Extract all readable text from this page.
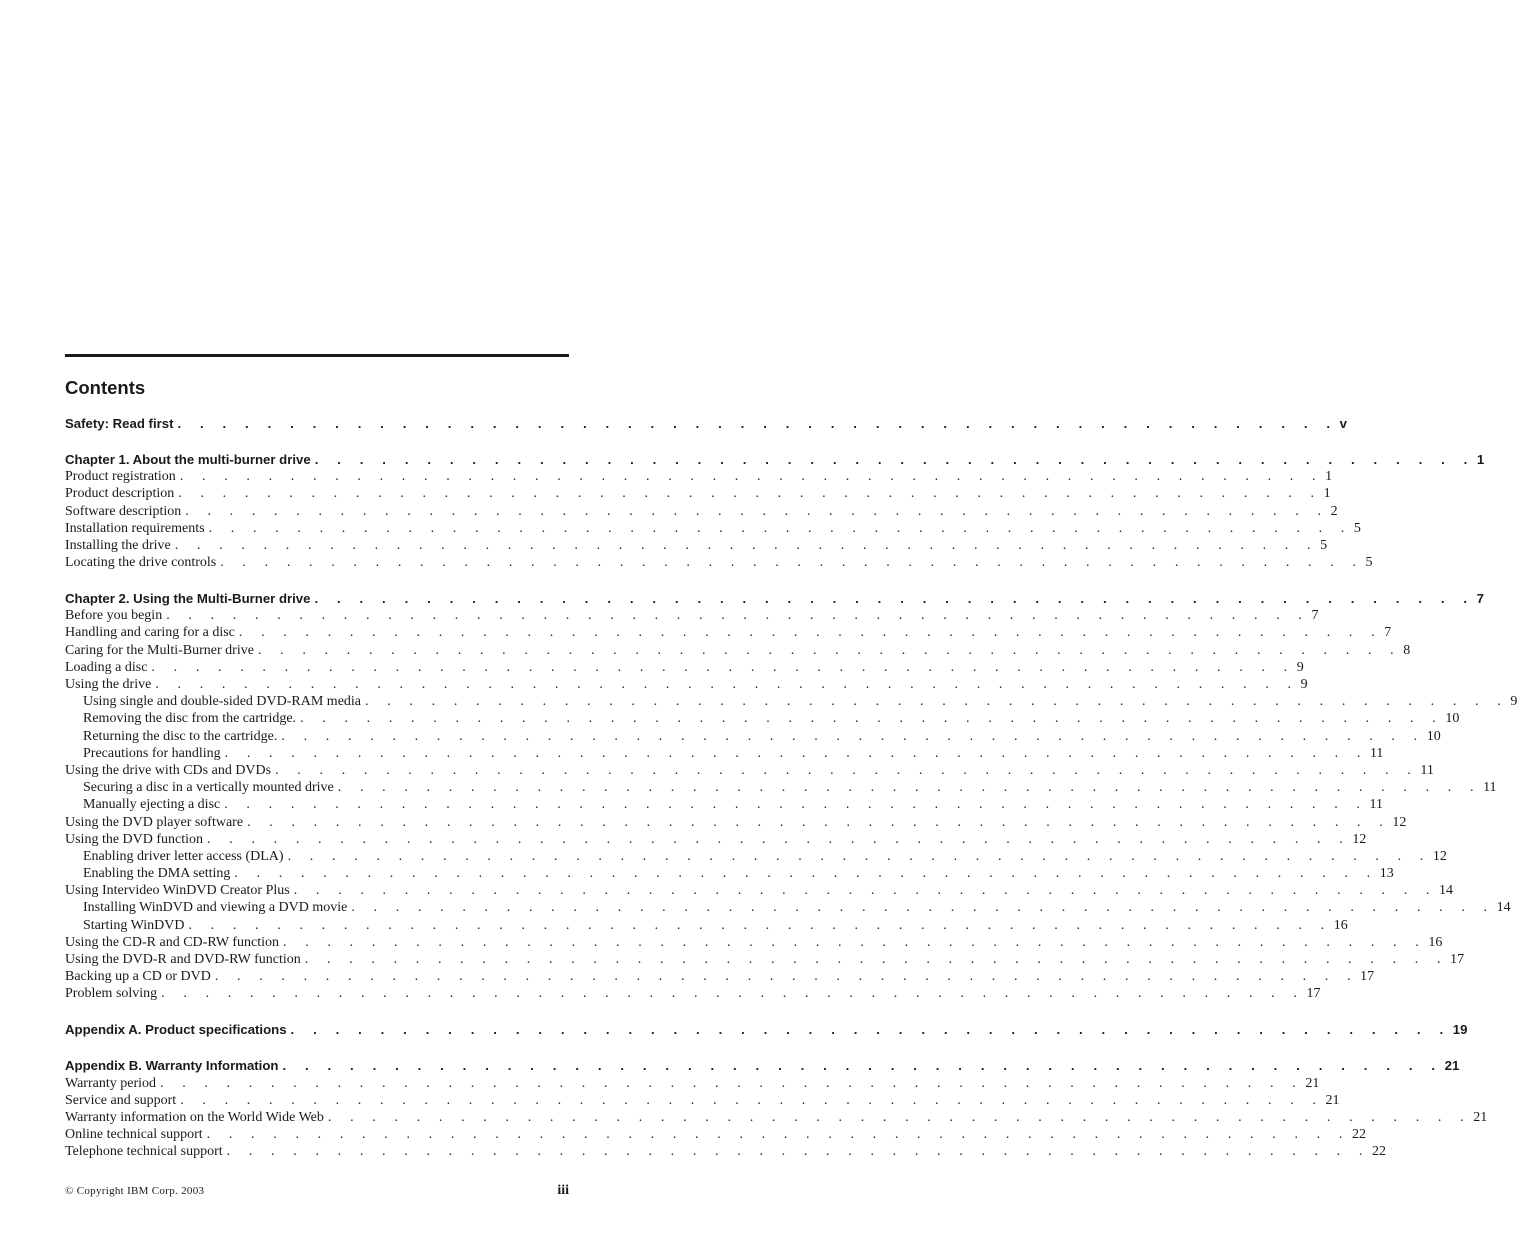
Contents
Safety: Read first . . . . . . . . . . . . . . . . . . . . . . . . . . . . . . . . . . . . . . . . . . . . . . . . . . . . v
Chapter 1. About the multi-burner drive . . . . . . . . . . . . . . . . . . . . . . . . . . . . . . . . . . . . . . . . . . . . . . . . . . . . 1
Product registration . . . . . . . . . . . . . . . . . . . . . . . . . . . . . . . . . . . . . . . . . . . . . . . . . . . . 1
Product description . . . . . . . . . . . . . . . . . . . . . . . . . . . . . . . . . . . . . . . . . . . . . . . . . . . . 1
Software description . . . . . . . . . . . . . . . . . . . . . . . . . . . . . . . . . . . . . . . . . . . . . . . . . . . . 2
Installation requirements . . . . . . . . . . . . . . . . . . . . . . . . . . . . . . . . . . . . . . . . . . . . . . . . . . . . 5
Installing the drive . . . . . . . . . . . . . . . . . . . . . . . . . . . . . . . . . . . . . . . . . . . . . . . . . . . . 5
Locating the drive controls . . . . . . . . . . . . . . . . . . . . . . . . . . . . . . . . . . . . . . . . . . . . . . . . . . . . 5
Chapter 2. Using the Multi-Burner drive . . . . . . . . . . . . . . . . . . . . . . . . . . . . . . . . . . . . . . . . . . . . . . . . . . . . 7
Before you begin . . . . . . . . . . . . . . . . . . . . . . . . . . . . . . . . . . . . . . . . . . . . . . . . . . . . 7
Handling and caring for a disc . . . . . . . . . . . . . . . . . . . . . . . . . . . . . . . . . . . . . . . . . . . . . . . . . . . . 7
Caring for the Multi-Burner drive . . . . . . . . . . . . . . . . . . . . . . . . . . . . . . . . . . . . . . . . . . . . . . . . . . . . 8
Loading a disc . . . . . . . . . . . . . . . . . . . . . . . . . . . . . . . . . . . . . . . . . . . . . . . . . . . . 9
Using the drive . . . . . . . . . . . . . . . . . . . . . . . . . . . . . . . . . . . . . . . . . . . . . . . . . . . . 9
Using single and double-sided DVD-RAM media . . . . . . . . . . . . . . . . . . . . . . . . . . . . . . . . . . . . . . . . . . . . . . . . . . . . 9
Removing the disc from the cartridge. . . . . . . . . . . . . . . . . . . . . . . . . . . . . . . . . . . . . . . . . . . . . . . . . . . . . 10
Returning the disc to the cartridge. . . . . . . . . . . . . . . . . . . . . . . . . . . . . . . . . . . . . . . . . . . . . . . . . . . . . 10
Precautions for handling . . . . . . . . . . . . . . . . . . . . . . . . . . . . . . . . . . . . . . . . . . . . . . . . . . . . 11
Using the drive with CDs and DVDs . . . . . . . . . . . . . . . . . . . . . . . . . . . . . . . . . . . . . . . . . . . . . . . . . . . . 11
Securing a disc in a vertically mounted drive . . . . . . . . . . . . . . . . . . . . . . . . . . . . . . . . . . . . . . . . . . . . . . . . . . . . 11
Manually ejecting a disc . . . . . . . . . . . . . . . . . . . . . . . . . . . . . . . . . . . . . . . . . . . . . . . . . . . . 11
Using the DVD player software . . . . . . . . . . . . . . . . . . . . . . . . . . . . . . . . . . . . . . . . . . . . . . . . . . . . 12
Using the DVD function . . . . . . . . . . . . . . . . . . . . . . . . . . . . . . . . . . . . . . . . . . . . . . . . . . . . 12
Enabling driver letter access (DLA) . . . . . . . . . . . . . . . . . . . . . . . . . . . . . . . . . . . . . . . . . . . . . . . . . . . . 12
Enabling the DMA setting . . . . . . . . . . . . . . . . . . . . . . . . . . . . . . . . . . . . . . . . . . . . . . . . . . . . 13
Using Intervideo WinDVD Creator Plus . . . . . . . . . . . . . . . . . . . . . . . . . . . . . . . . . . . . . . . . . . . . . . . . . . . . 14
Installing WinDVD and viewing a DVD movie . . . . . . . . . . . . . . . . . . . . . . . . . . . . . . . . . . . . . . . . . . . . . . . . . . . . 14
Starting WinDVD . . . . . . . . . . . . . . . . . . . . . . . . . . . . . . . . . . . . . . . . . . . . . . . . . . . . 16
Using the CD-R and CD-RW function . . . . . . . . . . . . . . . . . . . . . . . . . . . . . . . . . . . . . . . . . . . . . . . . . . . . 16
Using the DVD-R and DVD-RW function . . . . . . . . . . . . . . . . . . . . . . . . . . . . . . . . . . . . . . . . . . . . . . . . . . . . 17
Backing up a CD or DVD . . . . . . . . . . . . . . . . . . . . . . . . . . . . . . . . . . . . . . . . . . . . . . . . . . . . 17
Problem solving . . . . . . . . . . . . . . . . . . . . . . . . . . . . . . . . . . . . . . . . . . . . . . . . . . . . 17
Appendix A. Product specifications . . . . . . . . . . . . . . . . . . . . . . . . . . . . . . . . . . . . . . . . . . . . . . . . . . . . 19
Appendix B. Warranty Information . . . . . . . . . . . . . . . . . . . . . . . . . . . . . . . . . . . . . . . . . . . . . . . . . . . . 21
Warranty period . . . . . . . . . . . . . . . . . . . . . . . . . . . . . . . . . . . . . . . . . . . . . . . . . . . . 21
Service and support . . . . . . . . . . . . . . . . . . . . . . . . . . . . . . . . . . . . . . . . . . . . . . . . . . . . 21
Warranty information on the World Wide Web . . . . . . . . . . . . . . . . . . . . . . . . . . . . . . . . . . . . . . . . . . . . . . . . . . . . 21
Online technical support . . . . . . . . . . . . . . . . . . . . . . . . . . . . . . . . . . . . . . . . . . . . . . . . . . . . 22
Telephone technical support . . . . . . . . . . . . . . . . . . . . . . . . . . . . . . . . . . . . . . . . . . . . . . . . . . . . 22
© Copyright IBM Corp. 2003	iii
